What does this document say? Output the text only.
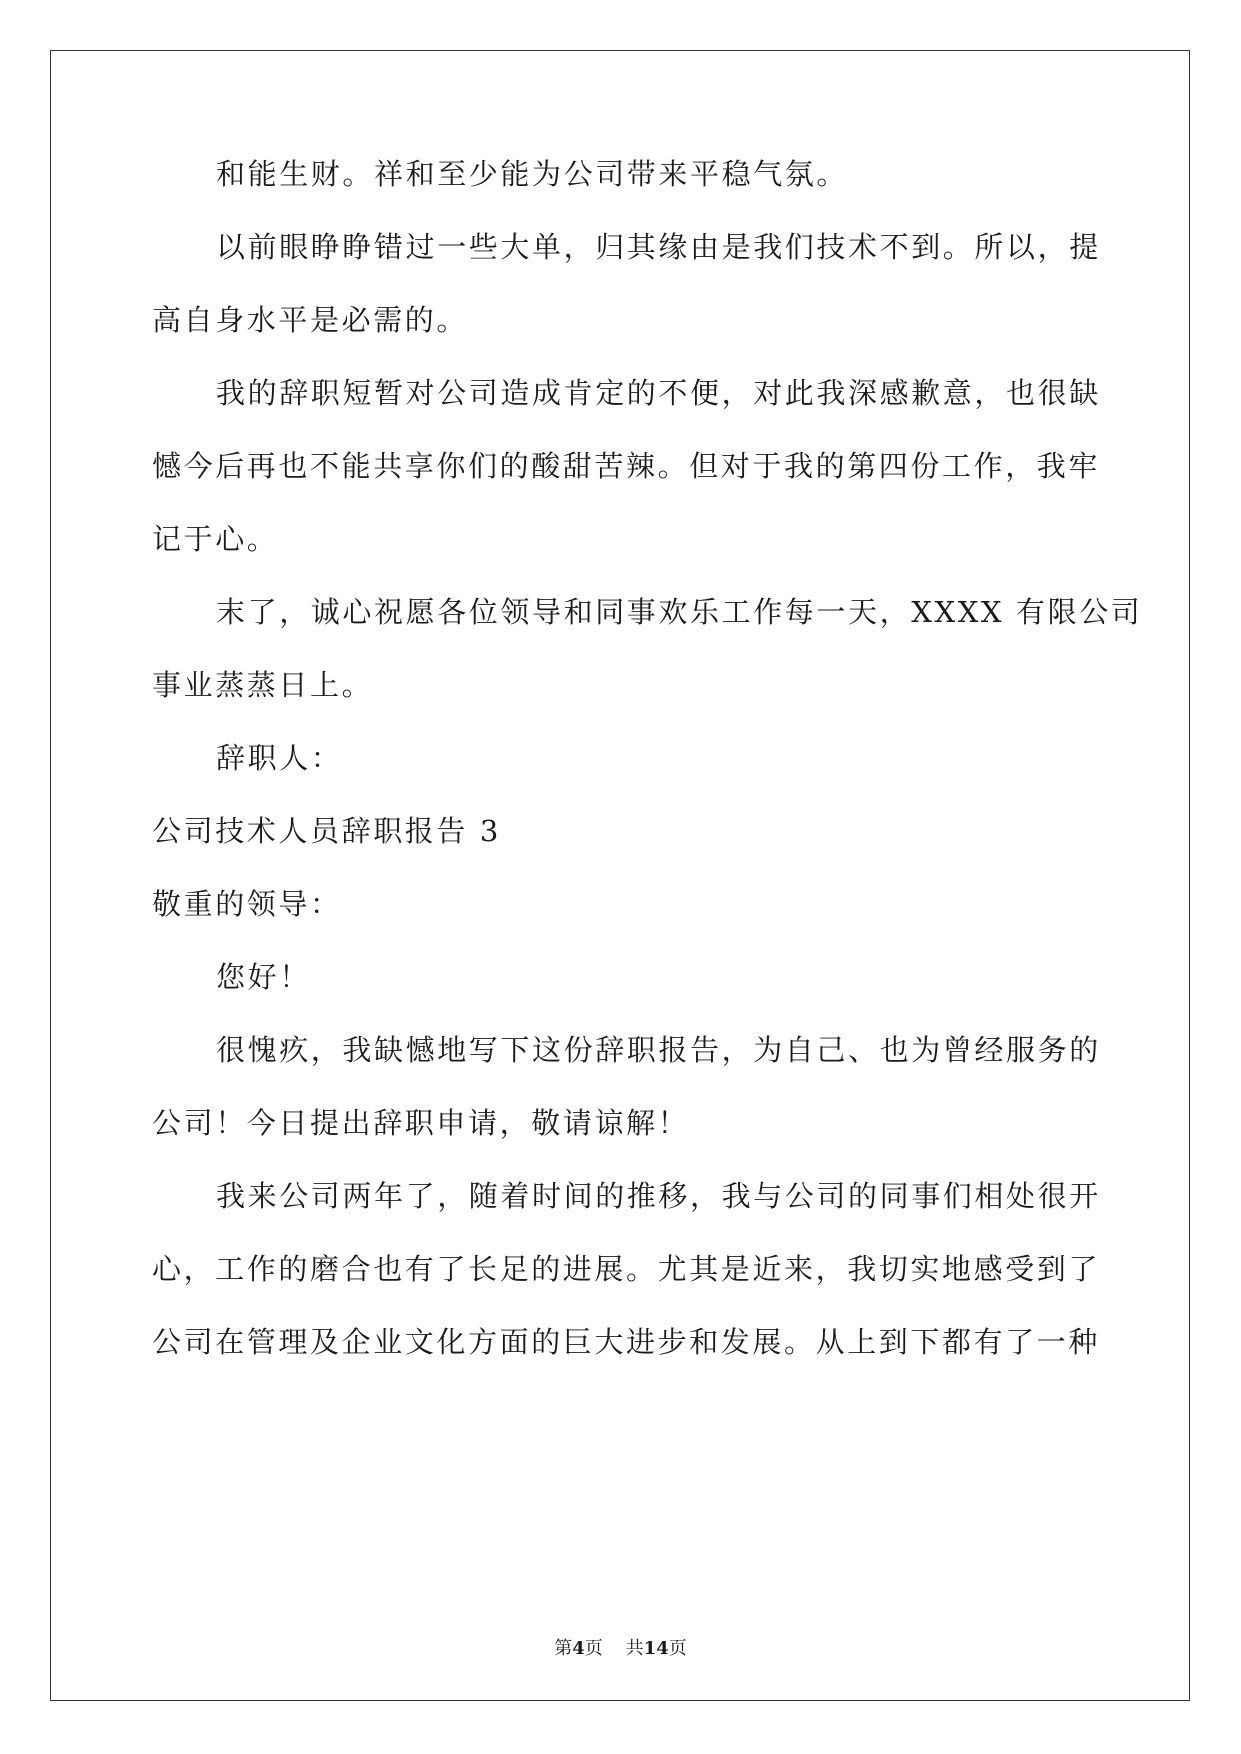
和能生财。祥和至少能为公司带来平稳气氛。
以前眼睁睁错过一些大单，归其缘由是我们技术不到。所以，提
高自身水平是必需的。
我的辞职短暂对公司造成肯定的不便，对此我深感歉意，也很缺
憾今后再也不能共享你们的酸甜苦辣。但对于我的第四份工作，我牢
记于心。
末了，诚心祝愿各位领导和同事欢乐工作每一天，XXXX 有限公司
事业蒸蒸日上。
辞职人：
公司技术人员辞职报告 3
敬重的领导：
您好！
很愧疚，我缺憾地写下这份辞职报告，为自己、也为曾经服务的
公司！今日提出辞职申请，敬请谅解！
我来公司两年了，随着时间的推移，我与公司的同事们相处很开
心，工作的磨合也有了长足的进展。尤其是近来，我切实地感受到了
公司在管理及企业文化方面的巨大进步和发展。从上到下都有了一种
第4页 共14页
